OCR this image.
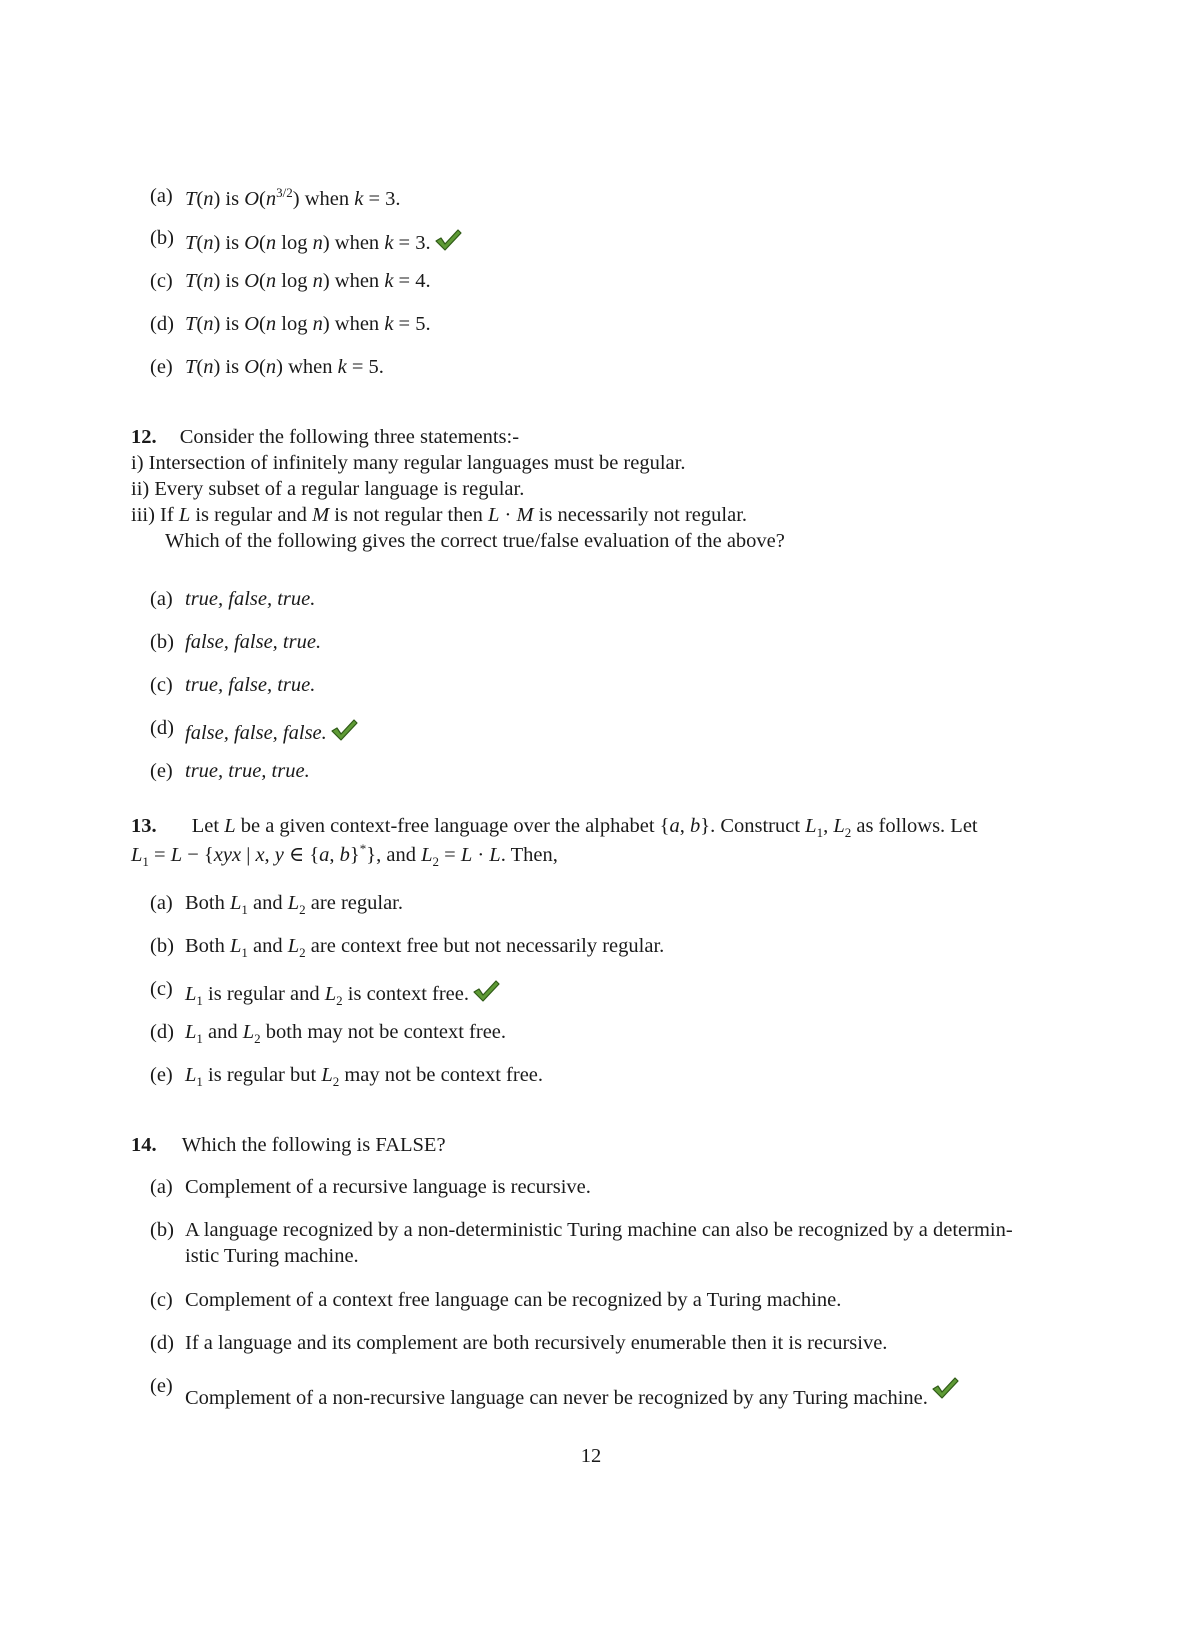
(a) T(n) is $O(n^{3/2})$ when k = 3.
(b) T(n) is O(n log n) when k = 3.
(c) T(n) is O(n log n) when k = 4.
(d) T(n) is O(n log n) when k = 5.
(e) T(n) is O(n) when k = 5.
12. Consider the following three statements:-
i) Intersection of infinitely many regular languages must be regular.
ii) Every subset of a regular language is regular.
iii) If L is regular and M is not regular then L · M is necessarily not regular.
Which of the following gives the correct true/false evaluation of the above?
(a) true, false, true.
(b) false, false, true.
(c) true, false, true.
(d) false, false, false.
(e) true, true, true.
13. Let L be a given context-free language over the alphabet {a, b}. Construct $L_1$, $L_2$ as follows. Let
$L_1 = L - \{xyx$ | x, y ∈ {a, b}*}, and $L_2 = L \cdot L$. Then,
(a) Both $L_1$ and $L_2$ are regular.
(b) Both $L_1$ and $L_2$ are context free but not necessarily regular.
(c) $L_1$ is regular and $L_2$ is context free.
(d) $L_1$ and $L_2$ both may not be context free.
(e) $L_1$ is regular but $L_2$ may not be context free.
14. Which the following is FALSE?
(a) Complement of a recursive language is recursive.
(b) A language recognized by a non-deterministic Turing machine can also be recognized by a determin-
istic Turing machine.
(c) Complement of a context free language can be recognized by a Turing machine.
(d) If a language and its complement are both recursively enumerable then it is recursive.
(e)
Complement of a non-recursive language can never be recognized by any Turing machine.
12
